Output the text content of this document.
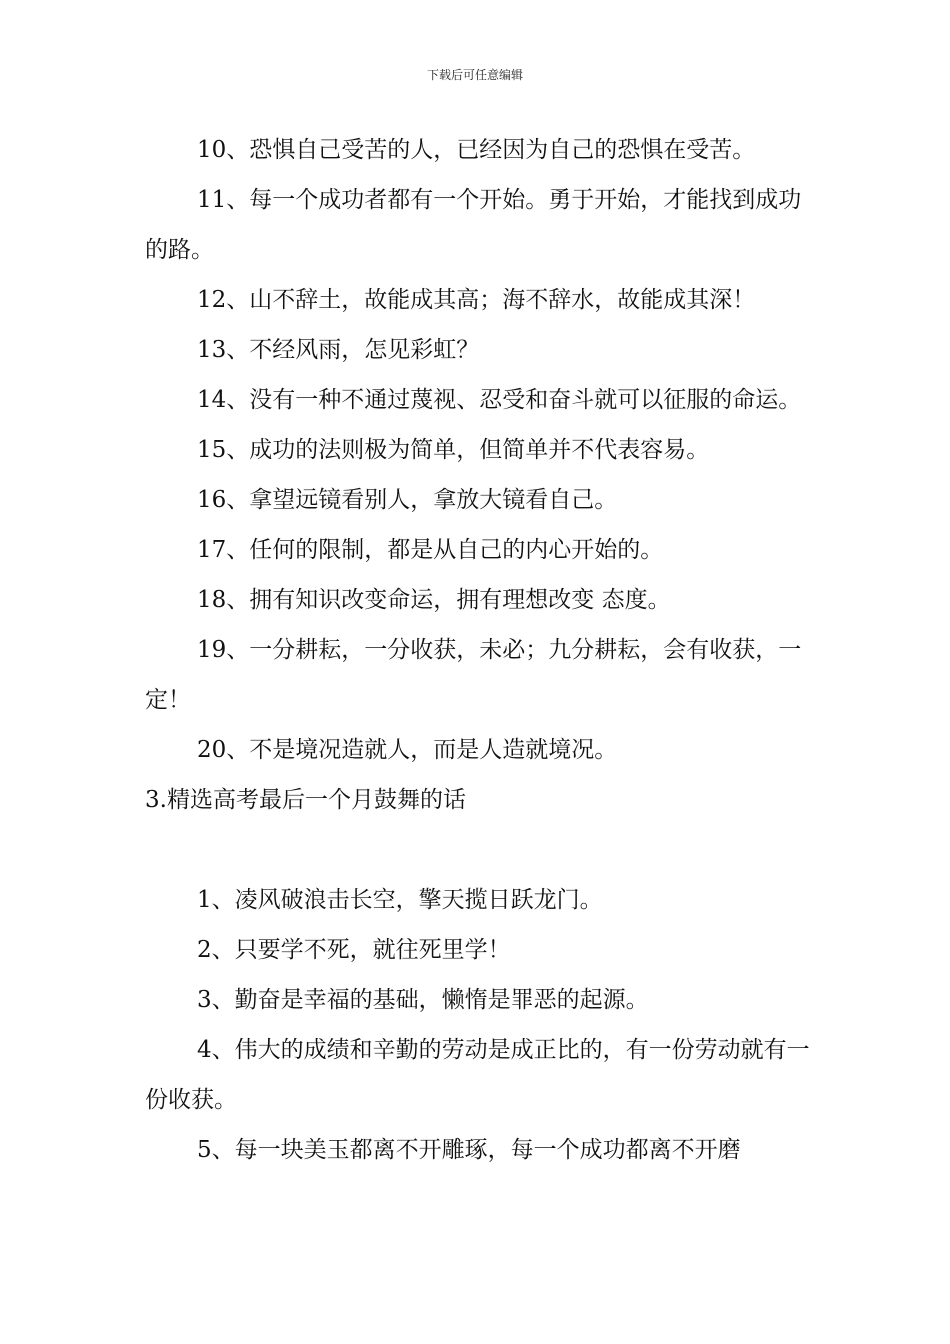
下载后可任意编辑

10、恐惧自己受苦的人，已经因为自己的恐惧在受苦。

11、每一个成功者都有一个开始。勇于开始，才能找到成功的路。

12、山不辞土，故能成其高；海不辞水，故能成其深！

13、不经风雨，怎见彩虹？

14、没有一种不通过蔑视、忍受和奋斗就可以征服的命运。

15、成功的法则极为简单，但简单并不代表容易。

16、拿望远镜看别人，拿放大镜看自己。

17、任何的限制，都是从自己的内心开始的。

18、拥有知识改变命运，拥有理想改变 态度。

19、一分耕耘，一分收获，未必；九分耕耘，会有收获，一定！

20、不是境况造就人，而是人造就境况。

3.精选高考最后一个月鼓舞的话

1、凌风破浪击长空，擎天揽日跃龙门。

2、只要学不死，就往死里学！

3、勤奋是幸福的基础，懒惰是罪恶的起源。

4、伟大的成绩和辛勤的劳动是成正比的，有一份劳动就有一份收获。

5、每一块美玉都离不开雕琢，每一个成功都离不开磨
